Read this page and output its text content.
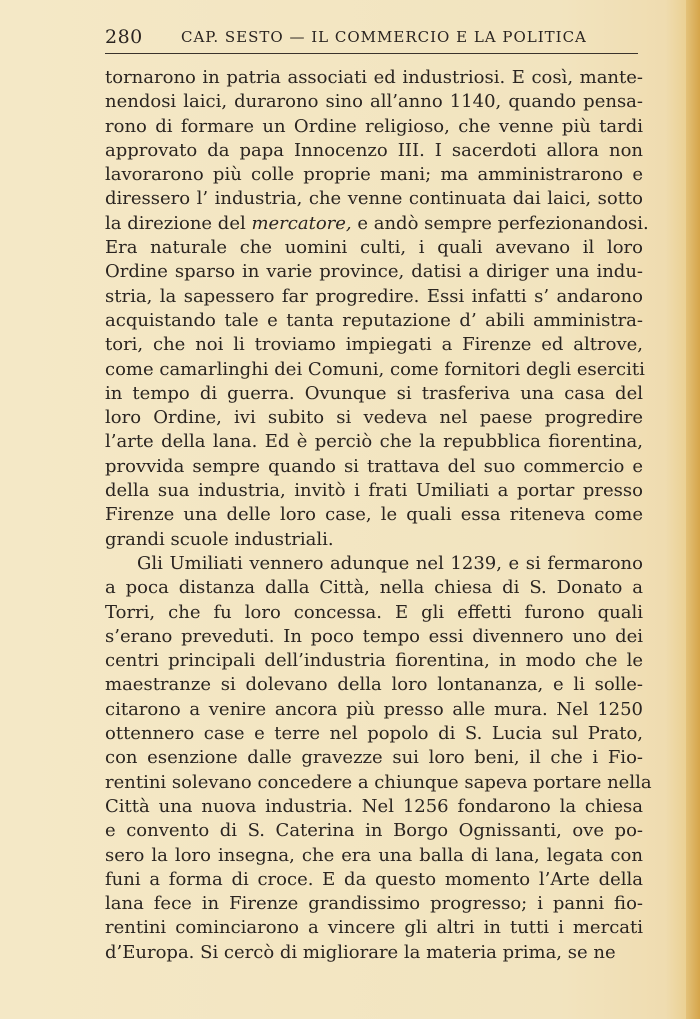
280	CAP. SESTO — IL COMMERCIO E LA POLITICA
tornarono in patria associati ed industriosi. E così, mante-
nendosi laici, durarono sino all’anno 1140, quando pensa-
rono di formare un Ordine religioso, che venne più tardi
approvato da papa Innocenzo III. I sacerdoti allora non
lavorarono più colle proprie mani; ma amministrarono e
diressero l’ industria, che venne continuata dai laici, sotto
la direzione del mercatore, e andò sempre perfezionandosi.
Era naturale che uomini culti, i quali avevano il loro
Ordine sparso in varie province, datisi a diriger una indu-
stria, la sapessero far progredire. Essi infatti s’ andarono
acquistando tale e tanta reputazione d’ abili amministra-
tori, che noi li troviamo impiegati a Firenze ed altrove,
come camarlinghi dei Comuni, come fornitori degli eserciti
in tempo di guerra. Ovunque si trasferiva una casa del
loro Ordine, ivi subito si vedeva nel paese progredire
l’arte della lana. Ed è perciò che la repubblica fiorentina,
provvida sempre quando si trattava del suo commercio e
della sua industria, invitò i frati Umiliati a portar presso
Firenze una delle loro case, le quali essa riteneva come
grandi scuole industriali.
Gli Umiliati vennero adunque nel 1239, e si fermarono
a poca distanza dalla Città, nella chiesa di S. Donato a
Torri, che fu loro concessa. E gli effetti furono quali
s’erano preveduti. In poco tempo essi divennero uno dei
centri principali dell’industria fiorentina, in modo che le
maestranze si dolevano della loro lontananza, e li solle-
citarono a venire ancora più presso alle mura. Nel 1250
ottennero case e terre nel popolo di S. Lucia sul Prato,
con esenzione dalle gravezze sui loro beni, il che i Fio-
rentini solevano concedere a chiunque sapeva portare nella
Città una nuova industria. Nel 1256 fondarono la chiesa
e convento di S. Caterina in Borgo Ognissanti, ove po-
sero la loro insegna, che era una balla di lana, legata con
funi a forma di croce. E da questo momento l’Arte della
lana fece in Firenze grandissimo progresso; i panni fio-
rentini cominciarono a vincere gli altri in tutti i mercati
d’Europa. Si cercò di migliorare la materia prima, se ne
